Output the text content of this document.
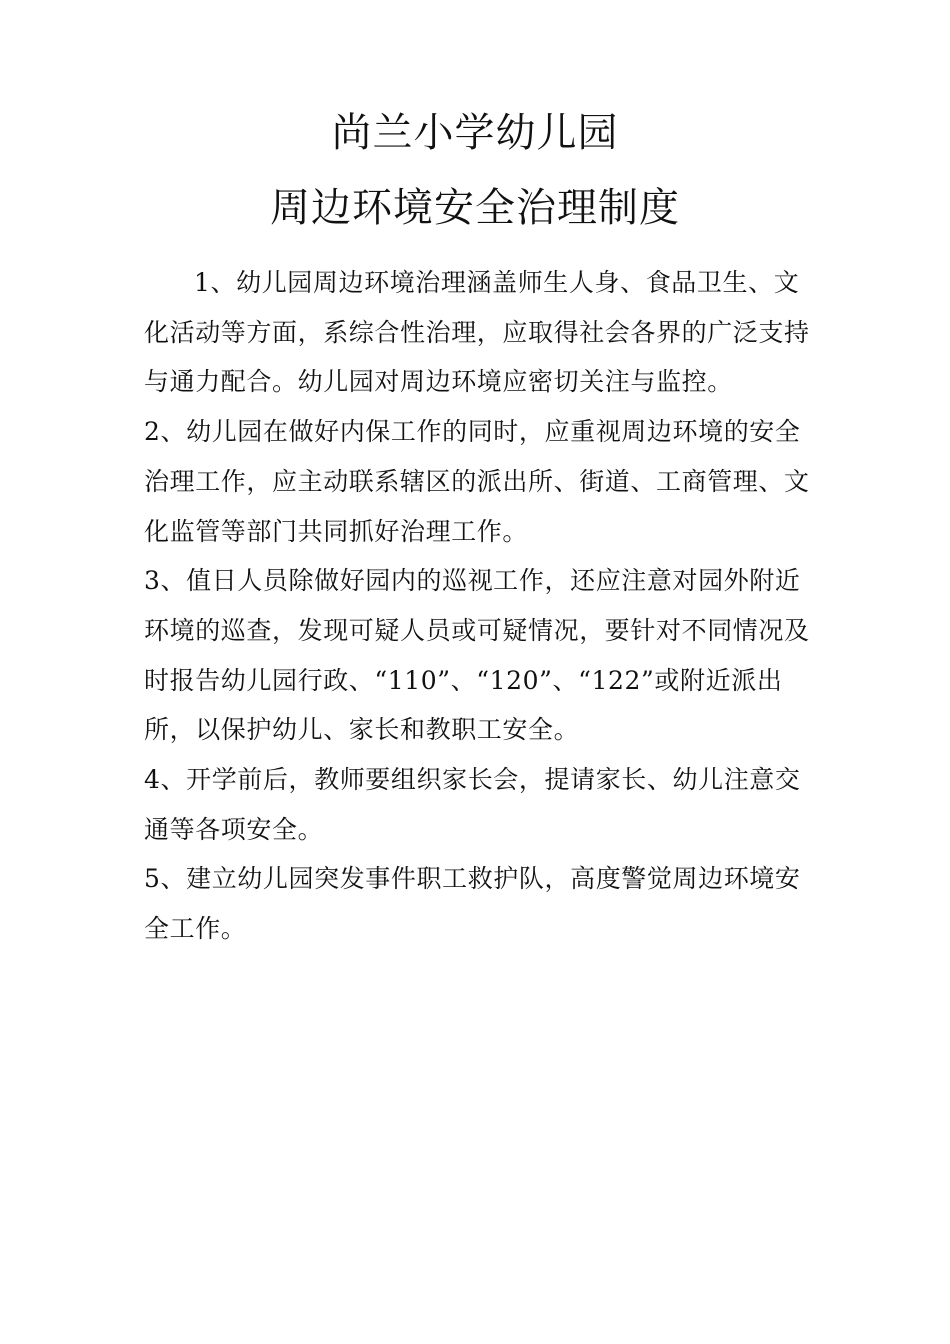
尚兰小学幼儿园
周边环境安全治理制度

1、幼儿园周边环境治理涵盖师生人身、食品卫生、文化活动等方面，系综合性治理，应取得社会各界的广泛支持与通力配合。幼儿园对周边环境应密切关注与监控。

2、幼儿园在做好内保工作的同时，应重视周边环境的安全治理工作，应主动联系辖区的派出所、街道、工商管理、文化监管等部门共同抓好治理工作。

3、值日人员除做好园内的巡视工作，还应注意对园外附近环境的巡查，发现可疑人员或可疑情况，要针对不同情况及时报告幼儿园行政、“110”、“120”、“122”或附近派出所，以保护幼儿、家长和教职工安全。

4、开学前后，教师要组织家长会，提请家长、幼儿注意交通等各项安全。

5、建立幼儿园突发事件职工救护队，高度警觉周边环境安全工作。
